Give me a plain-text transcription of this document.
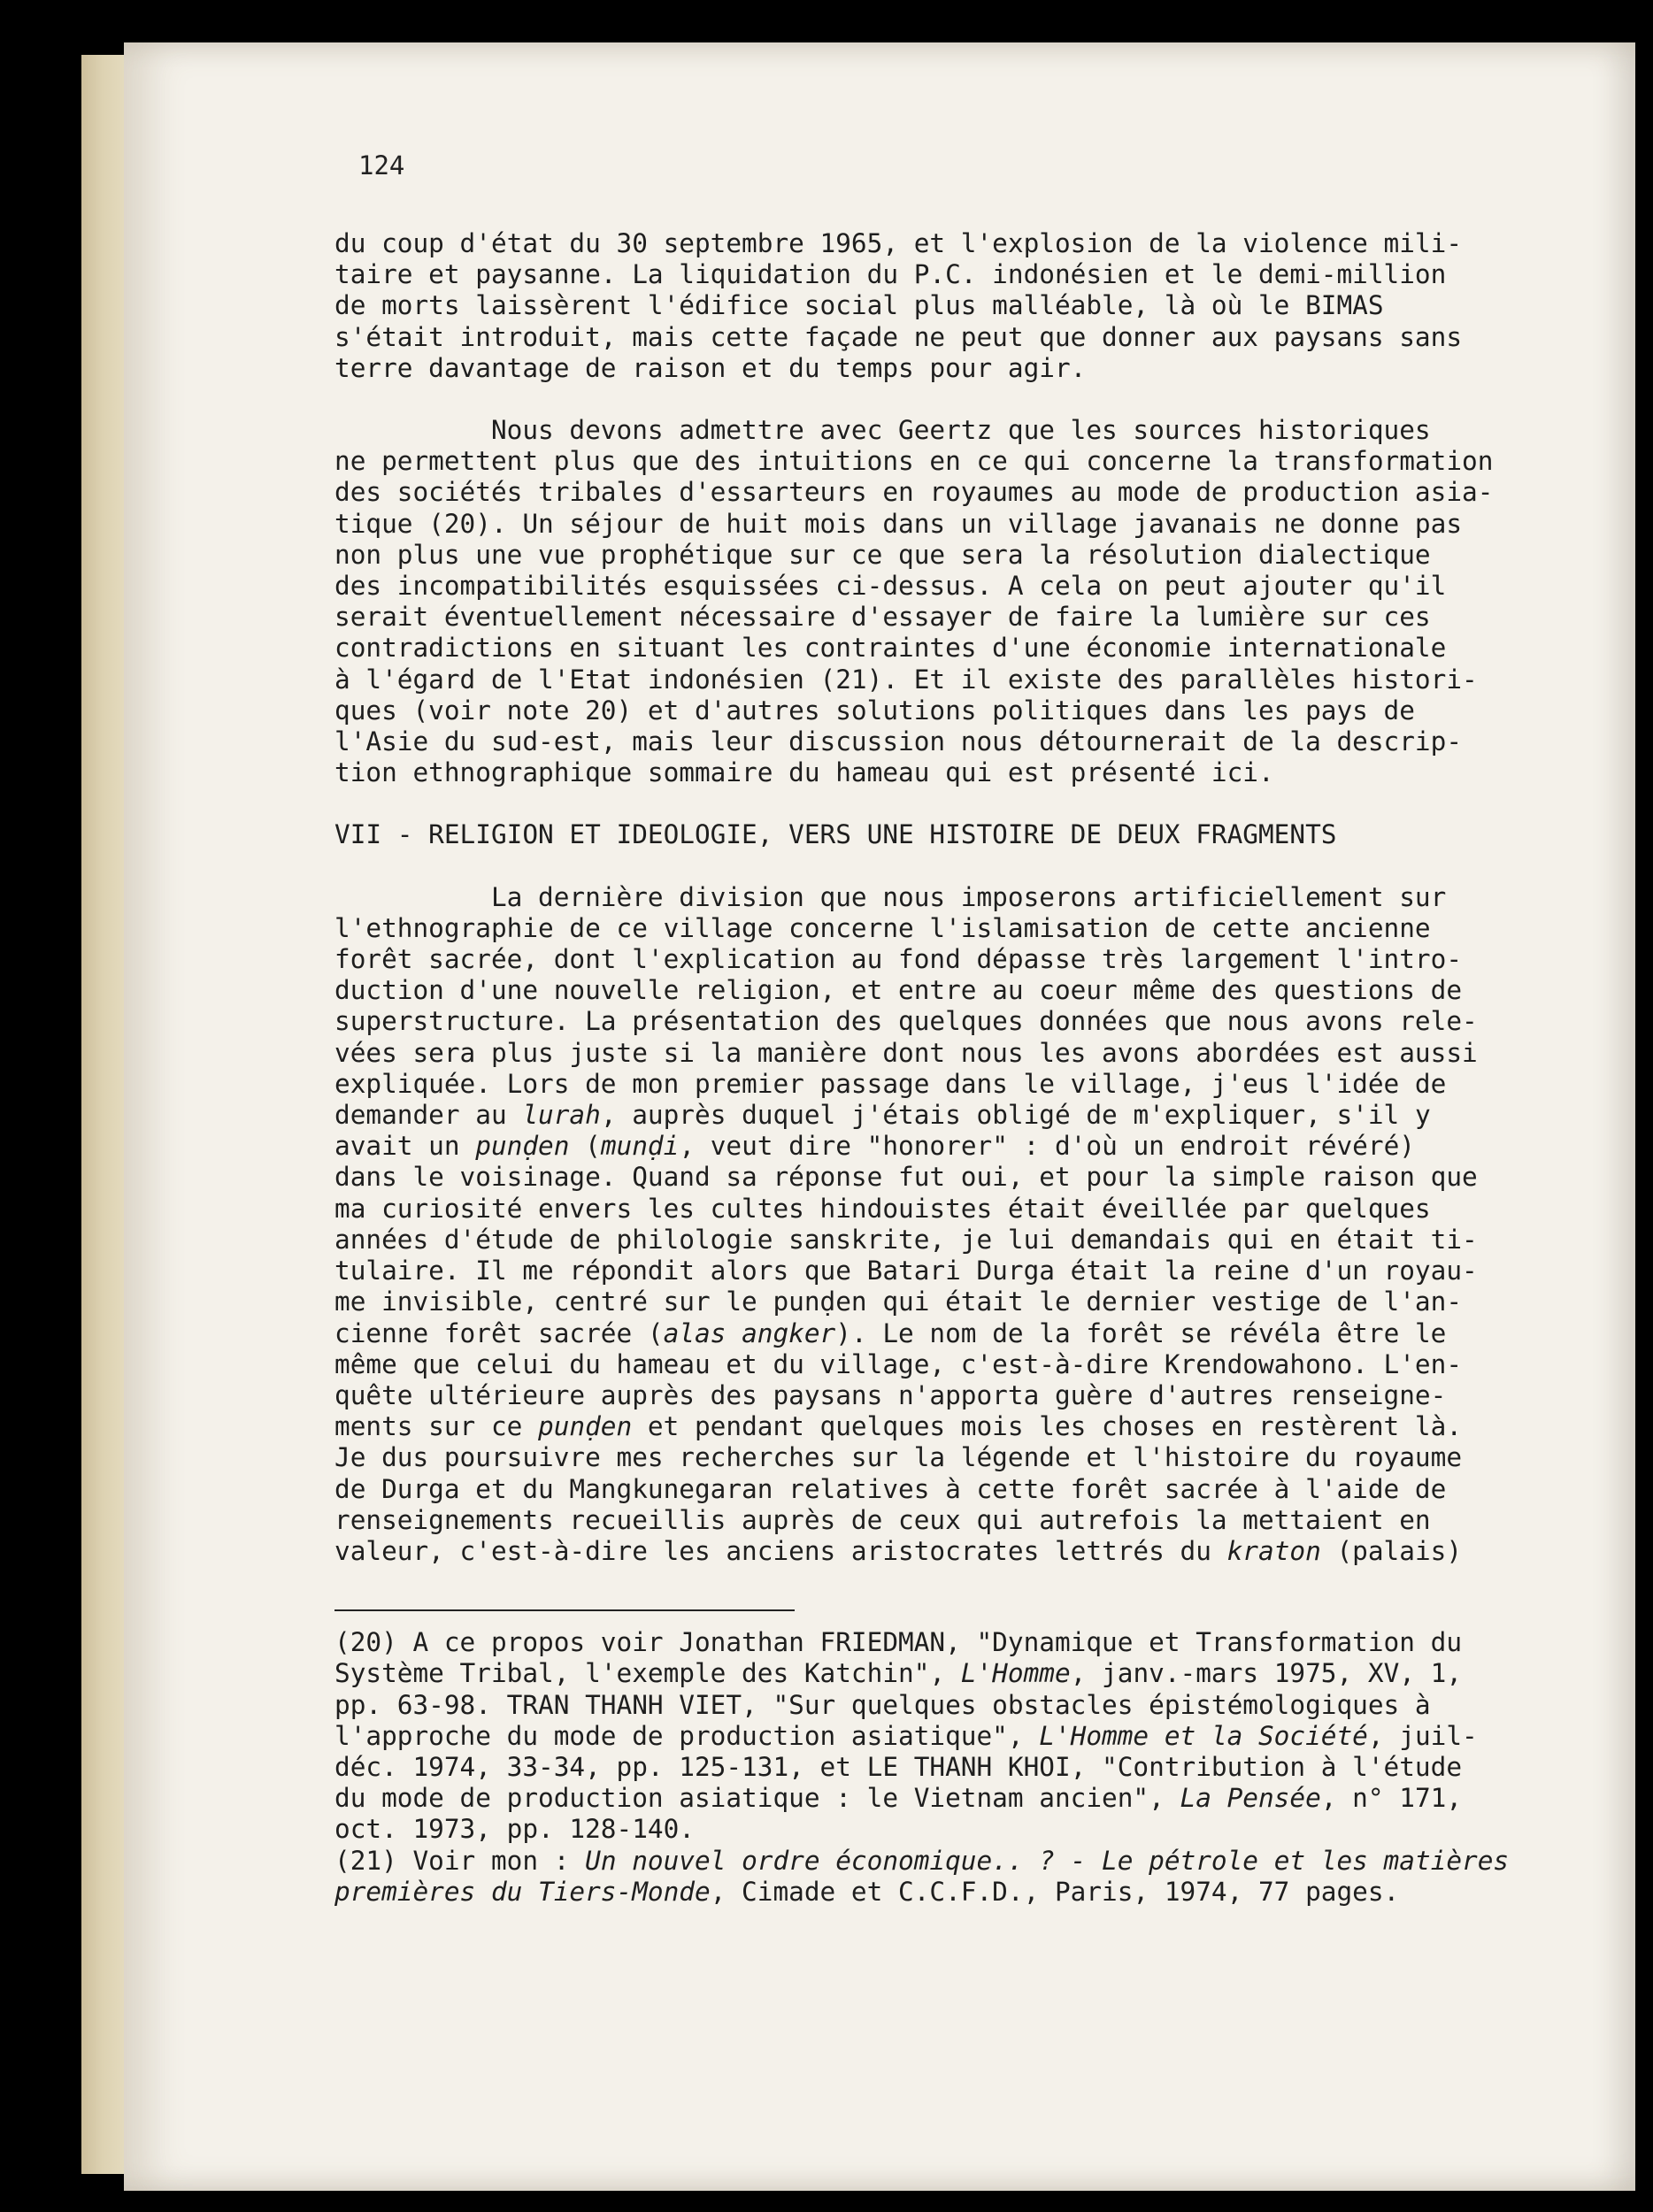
124
du coup d'état du 30 septembre 1965, et l'explosion de la violence mili-
taire et paysanne. La liquidation du P.C. indonésien et le demi-million
de morts laissèrent l'édifice social plus malléable, là où le BIMAS
s'était introduit, mais cette façade ne peut que donner aux paysans sans
terre davantage de raison et du temps pour agir.
Nous devons admettre avec Geertz que les sources historiques
ne permettent plus que des intuitions en ce qui concerne la transformation
des sociétés tribales d'essarteurs en royaumes au mode de production asia-
tique (20). Un séjour de huit mois dans un village javanais ne donne pas
non plus une vue prophétique sur ce que sera la résolution dialectique
des incompatibilités esquissées ci-dessus. A cela on peut ajouter qu'il
serait éventuellement nécessaire d'essayer de faire la lumière sur ces
contradictions en situant les contraintes d'une économie internationale
à l'égard de l'Etat indonésien (21). Et il existe des parallèles histori-
ques (voir note 20) et d'autres solutions politiques dans les pays de
l'Asie du sud-est, mais leur discussion nous détournerait de la descrip-
tion ethnographique sommaire du hameau qui est présenté ici.
VII - RELIGION ET IDEOLOGIE, VERS UNE HISTOIRE DE DEUX FRAGMENTS
La dernière division que nous imposerons artificiellement sur
l'ethnographie de ce village concerne l'islamisation de cette ancienne
forêt sacrée, dont l'explication au fond dépasse très largement l'intro-
duction d'une nouvelle religion, et entre au coeur même des questions de
superstructure. La présentation des quelques données que nous avons rele-
vées sera plus juste si la manière dont nous les avons abordées est aussi
expliquée. Lors de mon premier passage dans le village, j'eus l'idée de
demander au lurah, auprès duquel j'étais obligé de m'expliquer, s'il y
avait un punḍen (munḍi, veut dire "honorer" : d'où un endroit révéré)
dans le voisinage. Quand sa réponse fut oui, et pour la simple raison que
ma curiosité envers les cultes hindouistes était éveillée par quelques
années d'étude de philologie sanskrite, je lui demandais qui en était ti-
tulaire. Il me répondit alors que Batari Durga était la reine d'un royau-
me invisible, centré sur le punḍen qui était le dernier vestige de l'an-
cienne forêt sacrée (alas angker). Le nom de la forêt se révéla être le
même que celui du hameau et du village, c'est-à-dire Krendowahono. L'en-
quête ultérieure auprès des paysans n'apporta guère d'autres renseigne-
ments sur ce punḍen et pendant quelques mois les choses en restèrent là.
Je dus poursuivre mes recherches sur la légende et l'histoire du royaume
de Durga et du Mangkunegaran relatives à cette forêt sacrée à l'aide de
renseignements recueillis auprès de ceux qui autrefois la mettaient en
valeur, c'est-à-dire les anciens aristocrates lettrés du kraton (palais)
(20) A ce propos voir Jonathan FRIEDMAN, "Dynamique et Transformation du
Système Tribal, l'exemple des Katchin", L'Homme, janv.-mars 1975, XV, 1,
pp. 63-98. TRAN THANH VIET, "Sur quelques obstacles épistémologiques à
l'approche du mode de production asiatique", L'Homme et la Société, juil-
déc. 1974, 33-34, pp. 125-131, et LE THANH KHOI, "Contribution à l'étude
du mode de production asiatique : le Vietnam ancien", La Pensée, n° 171,
oct. 1973, pp. 128-140.
(21) Voir mon : Un nouvel ordre économique.. ? - Le pétrole et les matières
premières du Tiers-Monde, Cimade et C.C.F.D., Paris, 1974, 77 pages.
